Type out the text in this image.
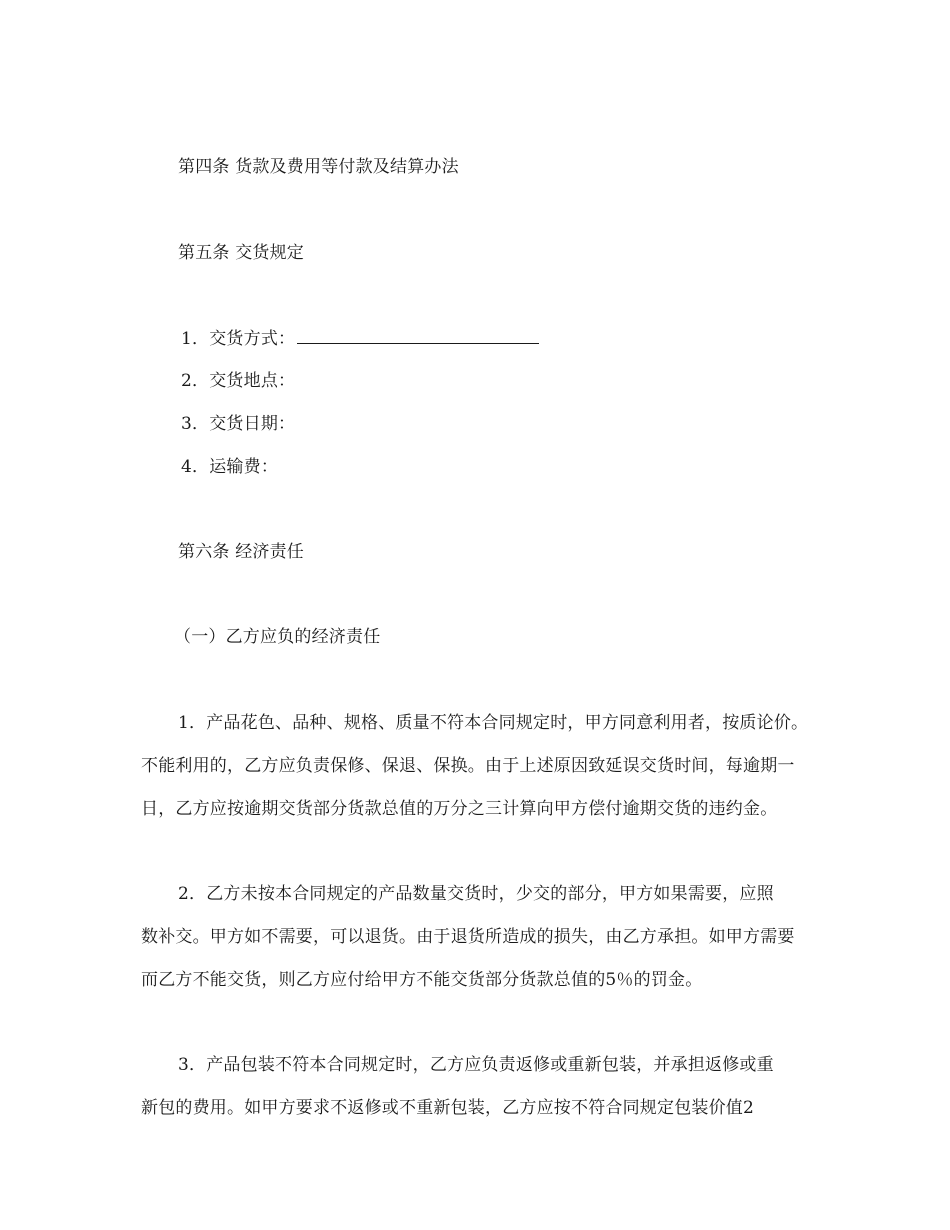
第四条 货款及费用等付款及结算办法
第五条 交货规定
1．交货方式：
2．交货地点：
3．交货日期：
4．运输费：
第六条 经济责任
（一）乙方应负的经济责任
1．产品花色、品种、规格、质量不符本合同规定时，甲方同意利用者，按质论价。
不能利用的，乙方应负责保修、保退、保换。由于上述原因致延误交货时间，每逾期一
日，乙方应按逾期交货部分货款总值的万分之三计算向甲方偿付逾期交货的违约金。
2．乙方未按本合同规定的产品数量交货时，少交的部分，甲方如果需要，应照
数补交。甲方如不需要，可以退货。由于退货所造成的损失，由乙方承担。如甲方需要
而乙方不能交货，则乙方应付给甲方不能交货部分货款总值的5％的罚金。
3．产品包装不符本合同规定时，乙方应负责返修或重新包装，并承担返修或重
新包的费用。如甲方要求不返修或不重新包装，乙方应按不符合同规定包装价值2
